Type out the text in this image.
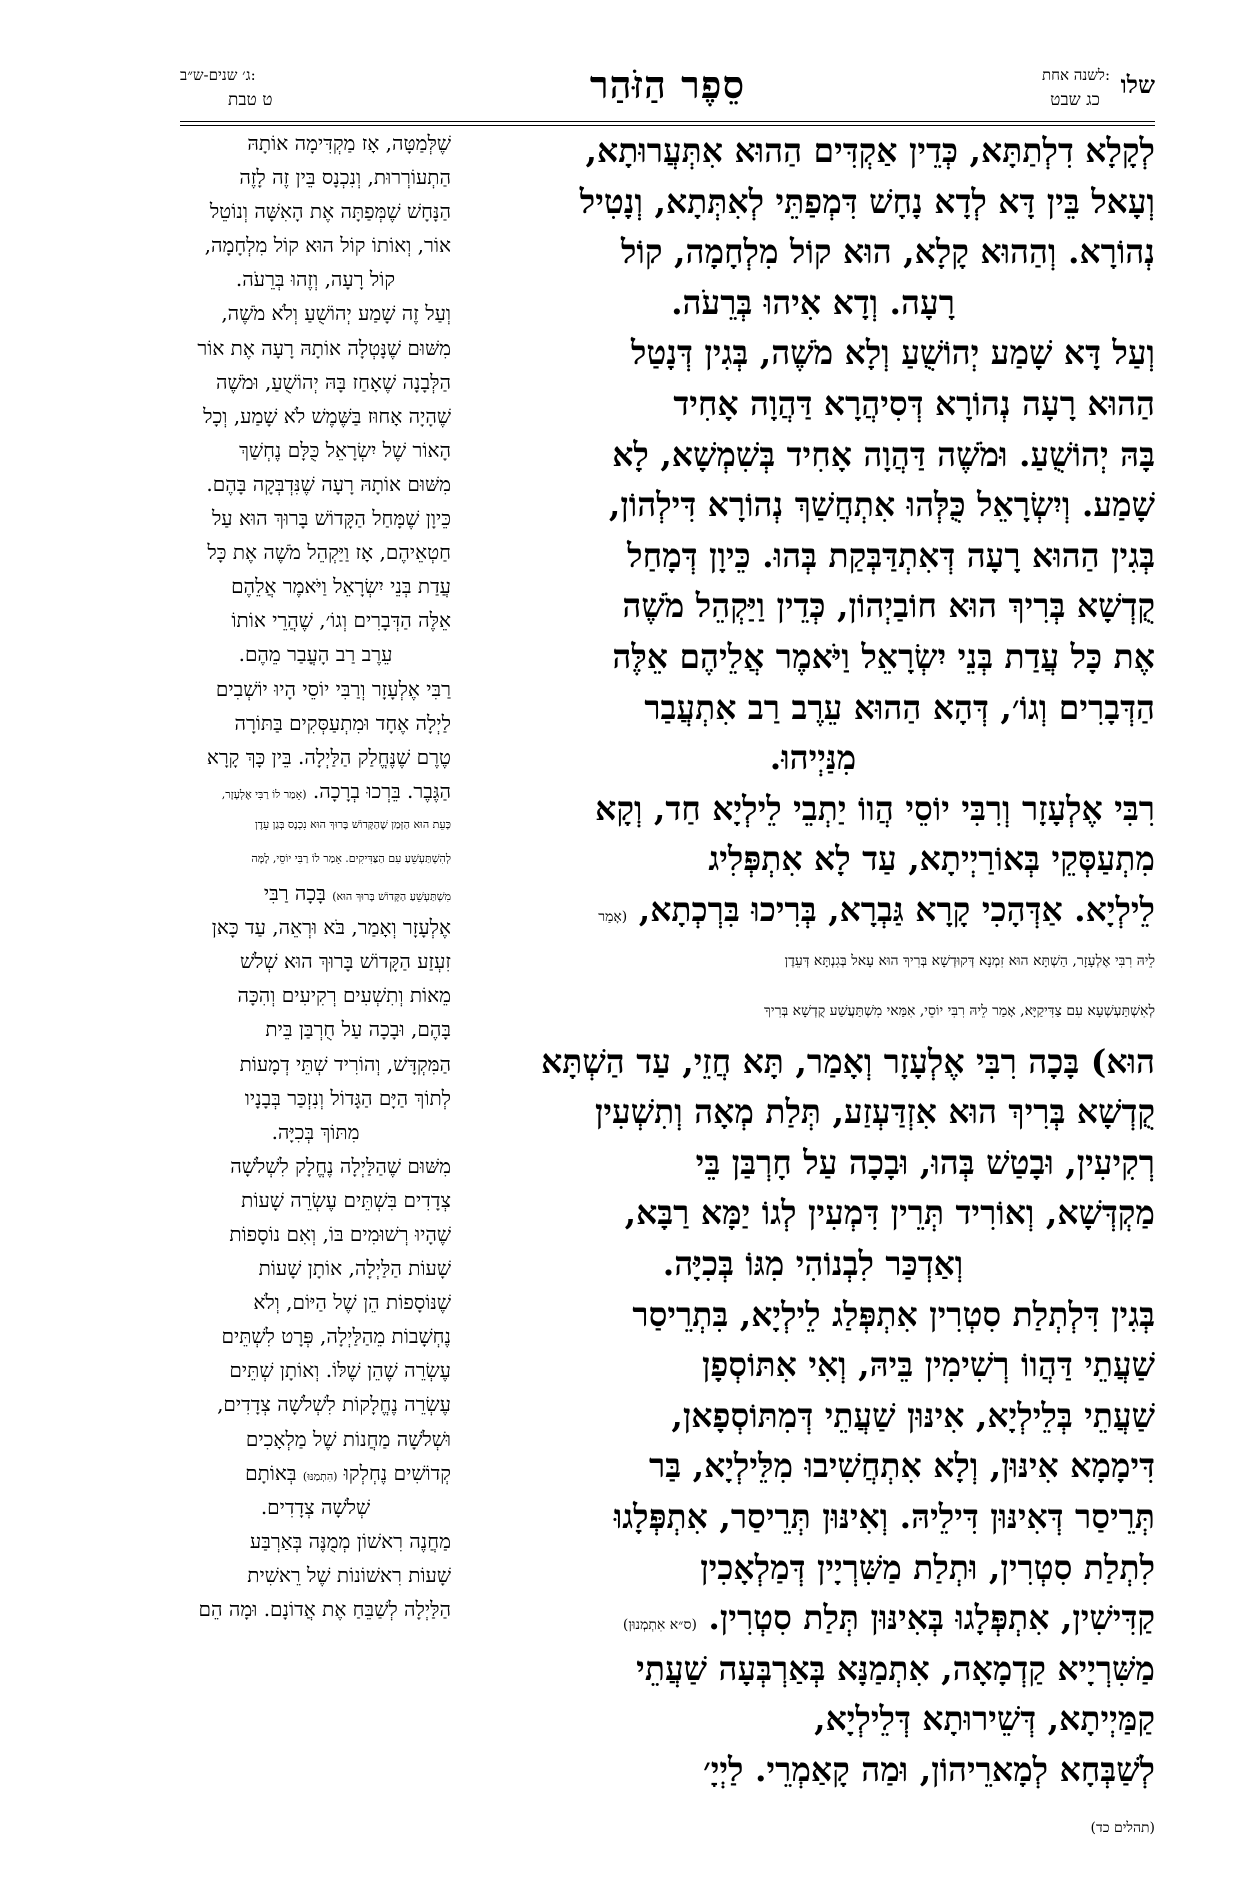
שלו
לשנה אחת:
כג שבט
סֵפֶר הַזֹּהַר
ג׳ שנים-ש״ב:
ט טבת

לְקָלָא דִלְתַתָּא, כְּדֵין אַקְדִּים הַהוּא אִתְּעֲרוּתָא,

וְעָאל בֵּין דָּא לְדָא נָחָשׁ דִּמְפַתֵּי לְאִתְּתָא, וְנָטִיל

נְהוֹרָא. וְהַהוּא קָלָא, הוּא קוֹל מִלְחָמָה, קוֹל

רָעָה. וְדָא אִיהוּ בְּרֵעֹה.

וְעַל דָּא שָׁמַע יְהוֹשֻׁעַ וְלָא מֹשֶׁה, בְּגִין דְּנָטַל

הַהוּא רָעָה נְהוֹרָא דְּסִיהֲרָא דַּהֲוָה אָחִיד

בָּהּ יְהוֹשֻׁעַ. וּמֹשֶׁה דַּהֲוָה אָחִיד בְּשִׁמְשָׁא, לָא

שָׁמַע. וְיִשְׂרָאֵל כֻּלְּהוּ אִתְחֲשַׁךְ נְהוֹרָא דִּילְהוֹן,

בְּגִין הַהוּא רָעָה דְּאִתְדַּבְּקַת בְּהוּ. כֵּיוָן דְּמָחַל

קֻדְשָׁא בְּרִיךְ הוּא חוֹבַיְהוֹן, כְּדֵין וַיַּקְהֵל מֹשֶׁה

אֶת כָּל עֲדַת בְּנֵי יִשְׂרָאֵל וַיֹּאמֶר אֲלֵיהֶם אֵלֶּה

הַדְּבָרִים וְגוֹ׳, דְּהָא הַהוּא עֵרֶב רַב אִתְעֲבַר

מִנַּיְיהוּ.

רִבִּי אֶלְעָזָר וְרִבִּי יוֹסֵי הֲווֹ יַתְבֵי לֵילְיָא חַד, וְקָא

מִתְעַסְּקֵי בְּאוֹרַיְיתָא, עַד לָא אִתְפְּלִיג

לֵילְיָא. אַדְּהָכִי קָרָא גַּבְרָא, בְּרִיכוּ בִּרְכְתָא, (אָמַר

לֵיהּ רִבִּי אֶלְעָזָר, הַשְׁתָּא הוּא זִמְנָא דְּקוּדְשָׁא בְּרִיךְ הוּא עָאל בְּגִנְתָּא דְּעֵדֶן

לְאִשְׁתַּעְשְׁעָא עִם צַדִּיקַיָּא, אָמַר לֵיהּ רִבִּי יוֹסֵי, אִמַּאי מִשְׁתַּעֲשַׁע קֻדְשָׁא בְּרִיךְ

הוּא) בָּכָה רִבִּי אֶלְעָזָר וְאָמַר, תָּא חֲזֵי, עַד הַשְׁתָּא

קֻדְשָׁא בְּרִיךְ הוּא אִזְדַּעְזַע, תְּלַת מְאָה וְתִשְׁעִין

רְקִיעִין, וּבָטַשׁ בְּהוּ, וּבָכָה עַל חָרְבַּן בֵּי

מַקְדְּשָׁא, וְאוֹרִיד תְּרֵין דִּמְעִין לְגוֹ יַמָּא רַבָּא,

וְאַדְכַּר לִבְנוֹהִי מִגּוֹ בְּכִיָּה.

בְּגִין דִּלְתְלַת סִטְרִין אִתְפְּלַג לֵילְיָא, בִּתְרֵיסַר

שַׁעֲתֵי דַּהֲווֹ רְשִׁימִין בֵּיהּ, וְאִי אִתּוֹסְפָן

שַׁעֲתֵי בְּלֵילְיָא, אִינּוּן שַׁעֲתֵי דְּמִתּוֹסְפָאן,

דִּימָמָא אִינּוּן, וְלָא אִתְחֲשִׁיבוּ מִלֵּילְיָא, בַּר

תְּרֵיסַר דְּאִינּוּן דִּילֵיהּ. וְאִינּוּן תְּרֵיסַר, אִתְפְּלָגוּ

לִתְלַת סִטְרִין, וּתְלַת מַשִּׁרְיָין דְּמַלְאָכִין

קַדִּישִׁין, אִתְפְּלָגוּ בְּאִינּוּן תְּלַת סִטְרִין. (ס״א אִתְמְנוּן)

מַשִּׁרְיָיא קַדְמָאָה, אִתְמַנָּא בְּאַרְבְּעָה שַׁעֲתֵי

קַמַּיְיתָא, דְּשֵׁירוּתָא דְּלֵילְיָא,

לְשַׁבְּחָא לְמָארֵיהוֹן, וּמַה קָאַמְרֵי. לַיְיָ׳

(תהלים כד)

שֶׁלְּמַטָּה, אָז מַקְדִּימָה אוֹתָהּ

הַתְעוֹרְרוּת, וְנִכְנָס בֵּין זֶה לָזֶה

הַנָּחָשׁ שֶׁמְּפַתָּה אֶת הָאִשָּׁה וְנוֹטֵל

אוֹר, וְאוֹתוֹ קוֹל הוּא קוֹל מִלְחָמָה,

קוֹל רָעָה, וְזֶהוּ בְּרֵעֹה.

וְעַל זֶה שָׁמַע יְהוֹשֻׁעַ וְלֹא מֹשֶׁה,

מִשּׁוּם שֶׁנָּטְלָה אוֹתָהּ רָעָה אֶת אוֹר

הַלְּבָנָה שֶׁאָחַז בָּהּ יְהוֹשֻׁעַ, וּמֹשֶׁה

שֶׁהָיָה אָחוּז בַּשֶּׁמֶשׁ לֹא שָׁמַע, וְכָל

הָאוֹר שֶׁל יִשְׂרָאֵל כֻּלָּם נֶחְשַׁךְ

מִשּׁוּם אוֹתָהּ רָעָה שֶׁנִּדְבְּקָה בָּהֶם.

כֵּיוָן שֶׁמָּחַל הַקָּדוֹשׁ בָּרוּךְ הוּא עַל

חַטְאֵיהֶם, אָז וַיַּקְהֵל מֹשֶׁה אֶת כָּל

עֲדַת בְּנֵי יִשְׂרָאֵל וַיֹּאמֶר אֲלֵהֶם

אֵלֶּה הַדְּבָרִים וְגוֹ׳, שֶׁהֲרֵי אוֹתוֹ

עֵרֶב רַב הָעֳבַר מֵהֶם.

רַבִּי אֶלְעָזָר וְרַבִּי יוֹסֵי הָיוּ יוֹשְׁבִים

לַיְלָה אֶחָד וּמִתְעַסְּקִים בַּתּוֹרָה

טֶרֶם שֶׁנֶּחֱלַק הַלַּיְלָה. בֵּין כָּךְ קָרָא

הַגֶּבֶר. בֵּרְכוּ בְרָכָה. (אָמַר לוֹ רַבִּי אֶלְעָזָר,

כָּעֵת הוּא הַזְּמַן שֶׁהַקָּדוֹשׁ בָּרוּךְ הוּא נִכְנָס בְּגַן עֵדֶן

לְהִשְׁתַּעְשֵׁעַ עִם הַצַּדִּיקִים. אָמַר לוֹ רַבִּי יוֹסֵי, לָמָּה

מִשְׁתַּעְשֵׁעַ הַקָּדוֹשׁ בָּרוּךְ הוּא) בָּכָה רַבִּי

אֶלְעָזָר וְאָמַר, בֹּא וּרְאֵה, עַד כָּאן

זִעְזַע הַקָּדוֹשׁ בָּרוּךְ הוּא שְׁלֹשׁ

מֵאוֹת וְתִשְׁעִים רְקִיעִים וְהִכָּה

בָּהֶם, וּבָכָה עַל חֻרְבַּן בֵּית

הַמִּקְדָּשׁ, וְהוֹרִיד שְׁתֵּי דְמָעוֹת

לְתוֹךְ הַיָּם הַגָּדוֹל וְנִזְכַּר בְּבָנָיו

מִתּוֹךְ בְּכִיָּה.

מִשּׁוּם שֶׁהַלַּיְלָה נֶחֱלָק לִשְׁלֹשָׁה

צְדָדִים בִּשְׁתֵּים עֶשְׂרֵה שָׁעוֹת

שֶׁהָיוּ רְשׁוּמִים בּוֹ, וְאִם נוֹסָפוֹת

שָׁעוֹת הַלַּיְלָה, אוֹתָן שָׁעוֹת

שֶׁנּוֹסָפוֹת הֵן שֶׁל הַיּוֹם, וְלֹא

נֶחְשָׁבוֹת מֵהַלַּיְלָה, פְּרָט לִשְׁתֵּים

עֶשְׂרֵה שֶׁהֵן שֶׁלּוֹ. וְאוֹתָן שְׁתֵּים

עֶשְׂרֵה נֶחֱלָקוֹת לִשְׁלֹשָׁה צְדָדִים,

וּשְׁלֹשָׁה מַחֲנוֹת שֶׁל מַלְאָכִים

קְדוֹשִׁים נֶחְלְקוּ (הִתְמַנּוּ) בְּאוֹתָם

שְׁלֹשָׁה צְדָדִים.

מַחֲנֶה רִאשׁוֹן מְמֻנֶּה בְּאַרְבַּע

שָׁעוֹת רִאשׁוֹנוֹת שֶׁל רֵאשִׁית

הַלַּיְלָה לְשַׁבֵּחַ אֶת אֲדוֹנָם. וּמָה הֵם
